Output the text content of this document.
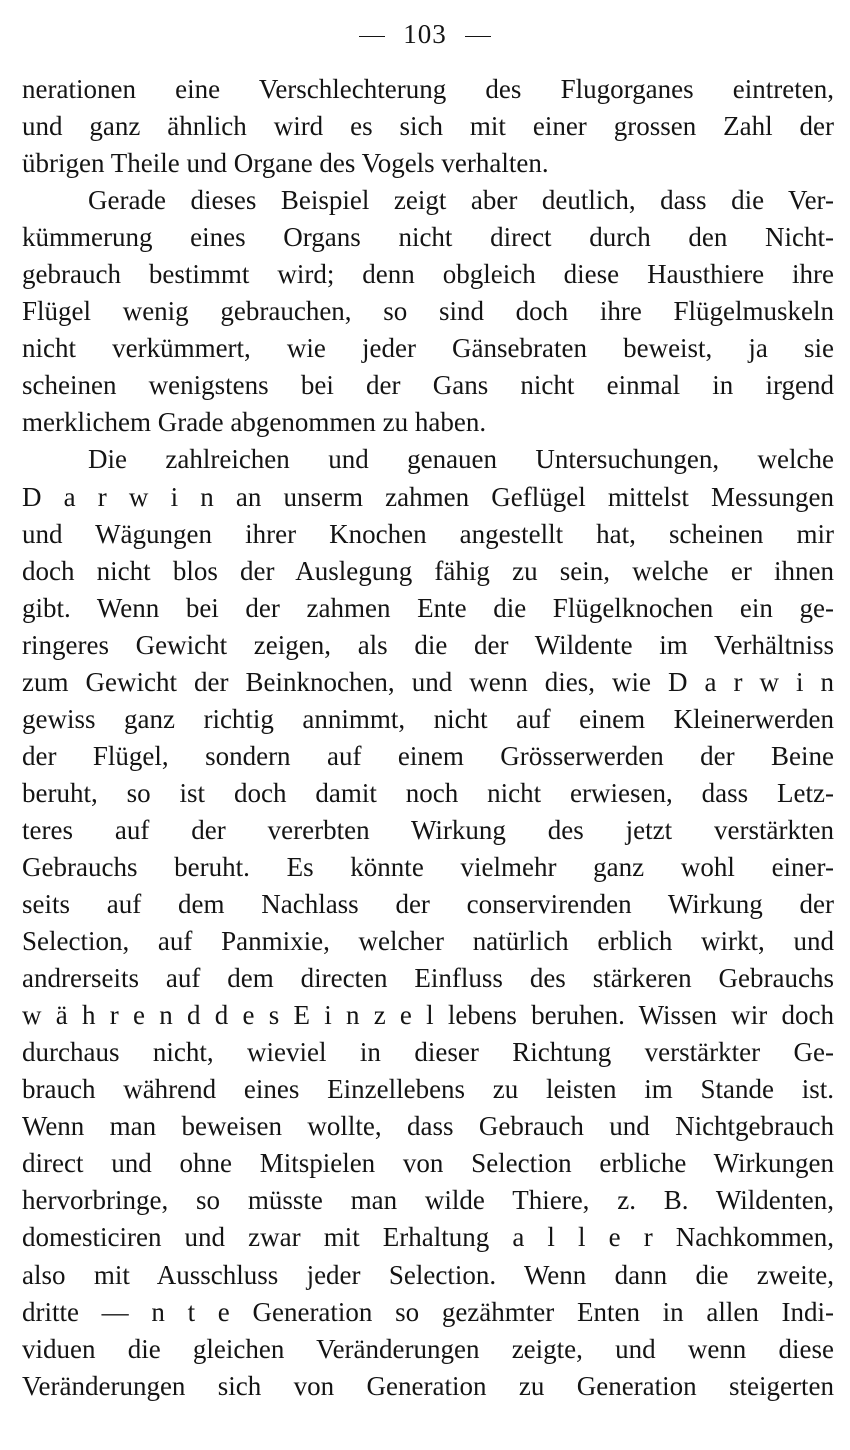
103
nerationen eine Verschlechterung des Flugorganes eintreten,
und ganz ähnlich wird es sich mit einer grossen Zahl der
übrigen Theile und Organe des Vogels verhalten.
Gerade dieses Beispiel zeigt aber deutlich, dass die Ver-
kümmerung eines Organs nicht direct durch den Nicht-
gebrauch bestimmt wird; denn obgleich diese Hausthiere ihre
Flügel wenig gebrauchen, so sind doch ihre Flügelmuskeln
nicht verkümmert, wie jeder Gänsebraten beweist, ja sie
scheinen wenigstens bei der Gans nicht einmal in irgend
merklichem Grade abgenommen zu haben.
Die zahlreichen und genauen Untersuchungen, welche
D a r w i n an unserm zahmen Geflügel mittelst Messungen
und Wägungen ihrer Knochen angestellt hat, scheinen mir
doch nicht blos der Auslegung fähig zu sein, welche er ihnen
gibt. Wenn bei der zahmen Ente die Flügelknochen ein ge-
ringeres Gewicht zeigen, als die der Wildente im Verhältniss
zum Gewicht der Beinknochen, und wenn dies, wie D a r w i n
gewiss ganz richtig annimmt, nicht auf einem Kleinerwerden
der Flügel, sondern auf einem Grösserwerden der Beine
beruht, so ist doch damit noch nicht erwiesen, dass Letz-
teres auf der vererbten Wirkung des jetzt verstärkten
Gebrauchs beruht. Es könnte vielmehr ganz wohl einer-
seits auf dem Nachlass der conservirenden Wirkung der
Selection, auf Panmixie, welcher natürlich erblich wirkt, und
andrerseits auf dem directen Einfluss des stärkeren Gebrauchs
w ä h r e n d d e s E i n z e l lebens beruhen. Wissen wir doch
durchaus nicht, wieviel in dieser Richtung verstärkter Ge-
brauch während eines Einzellebens zu leisten im Stande ist.
Wenn man beweisen wollte, dass Gebrauch und Nichtgebrauch
direct und ohne Mitspielen von Selection erbliche Wirkungen
hervorbringe, so müsste man wilde Thiere, z. B. Wildenten,
domesticiren und zwar mit Erhaltung a l l e r Nachkommen,
also mit Ausschluss jeder Selection. Wenn dann die zweite,
dritte — n t e Generation so gezähmter Enten in allen Indi-
viduen die gleichen Veränderungen zeigte, und wenn diese
Veränderungen sich von Generation zu Generation steigerten
